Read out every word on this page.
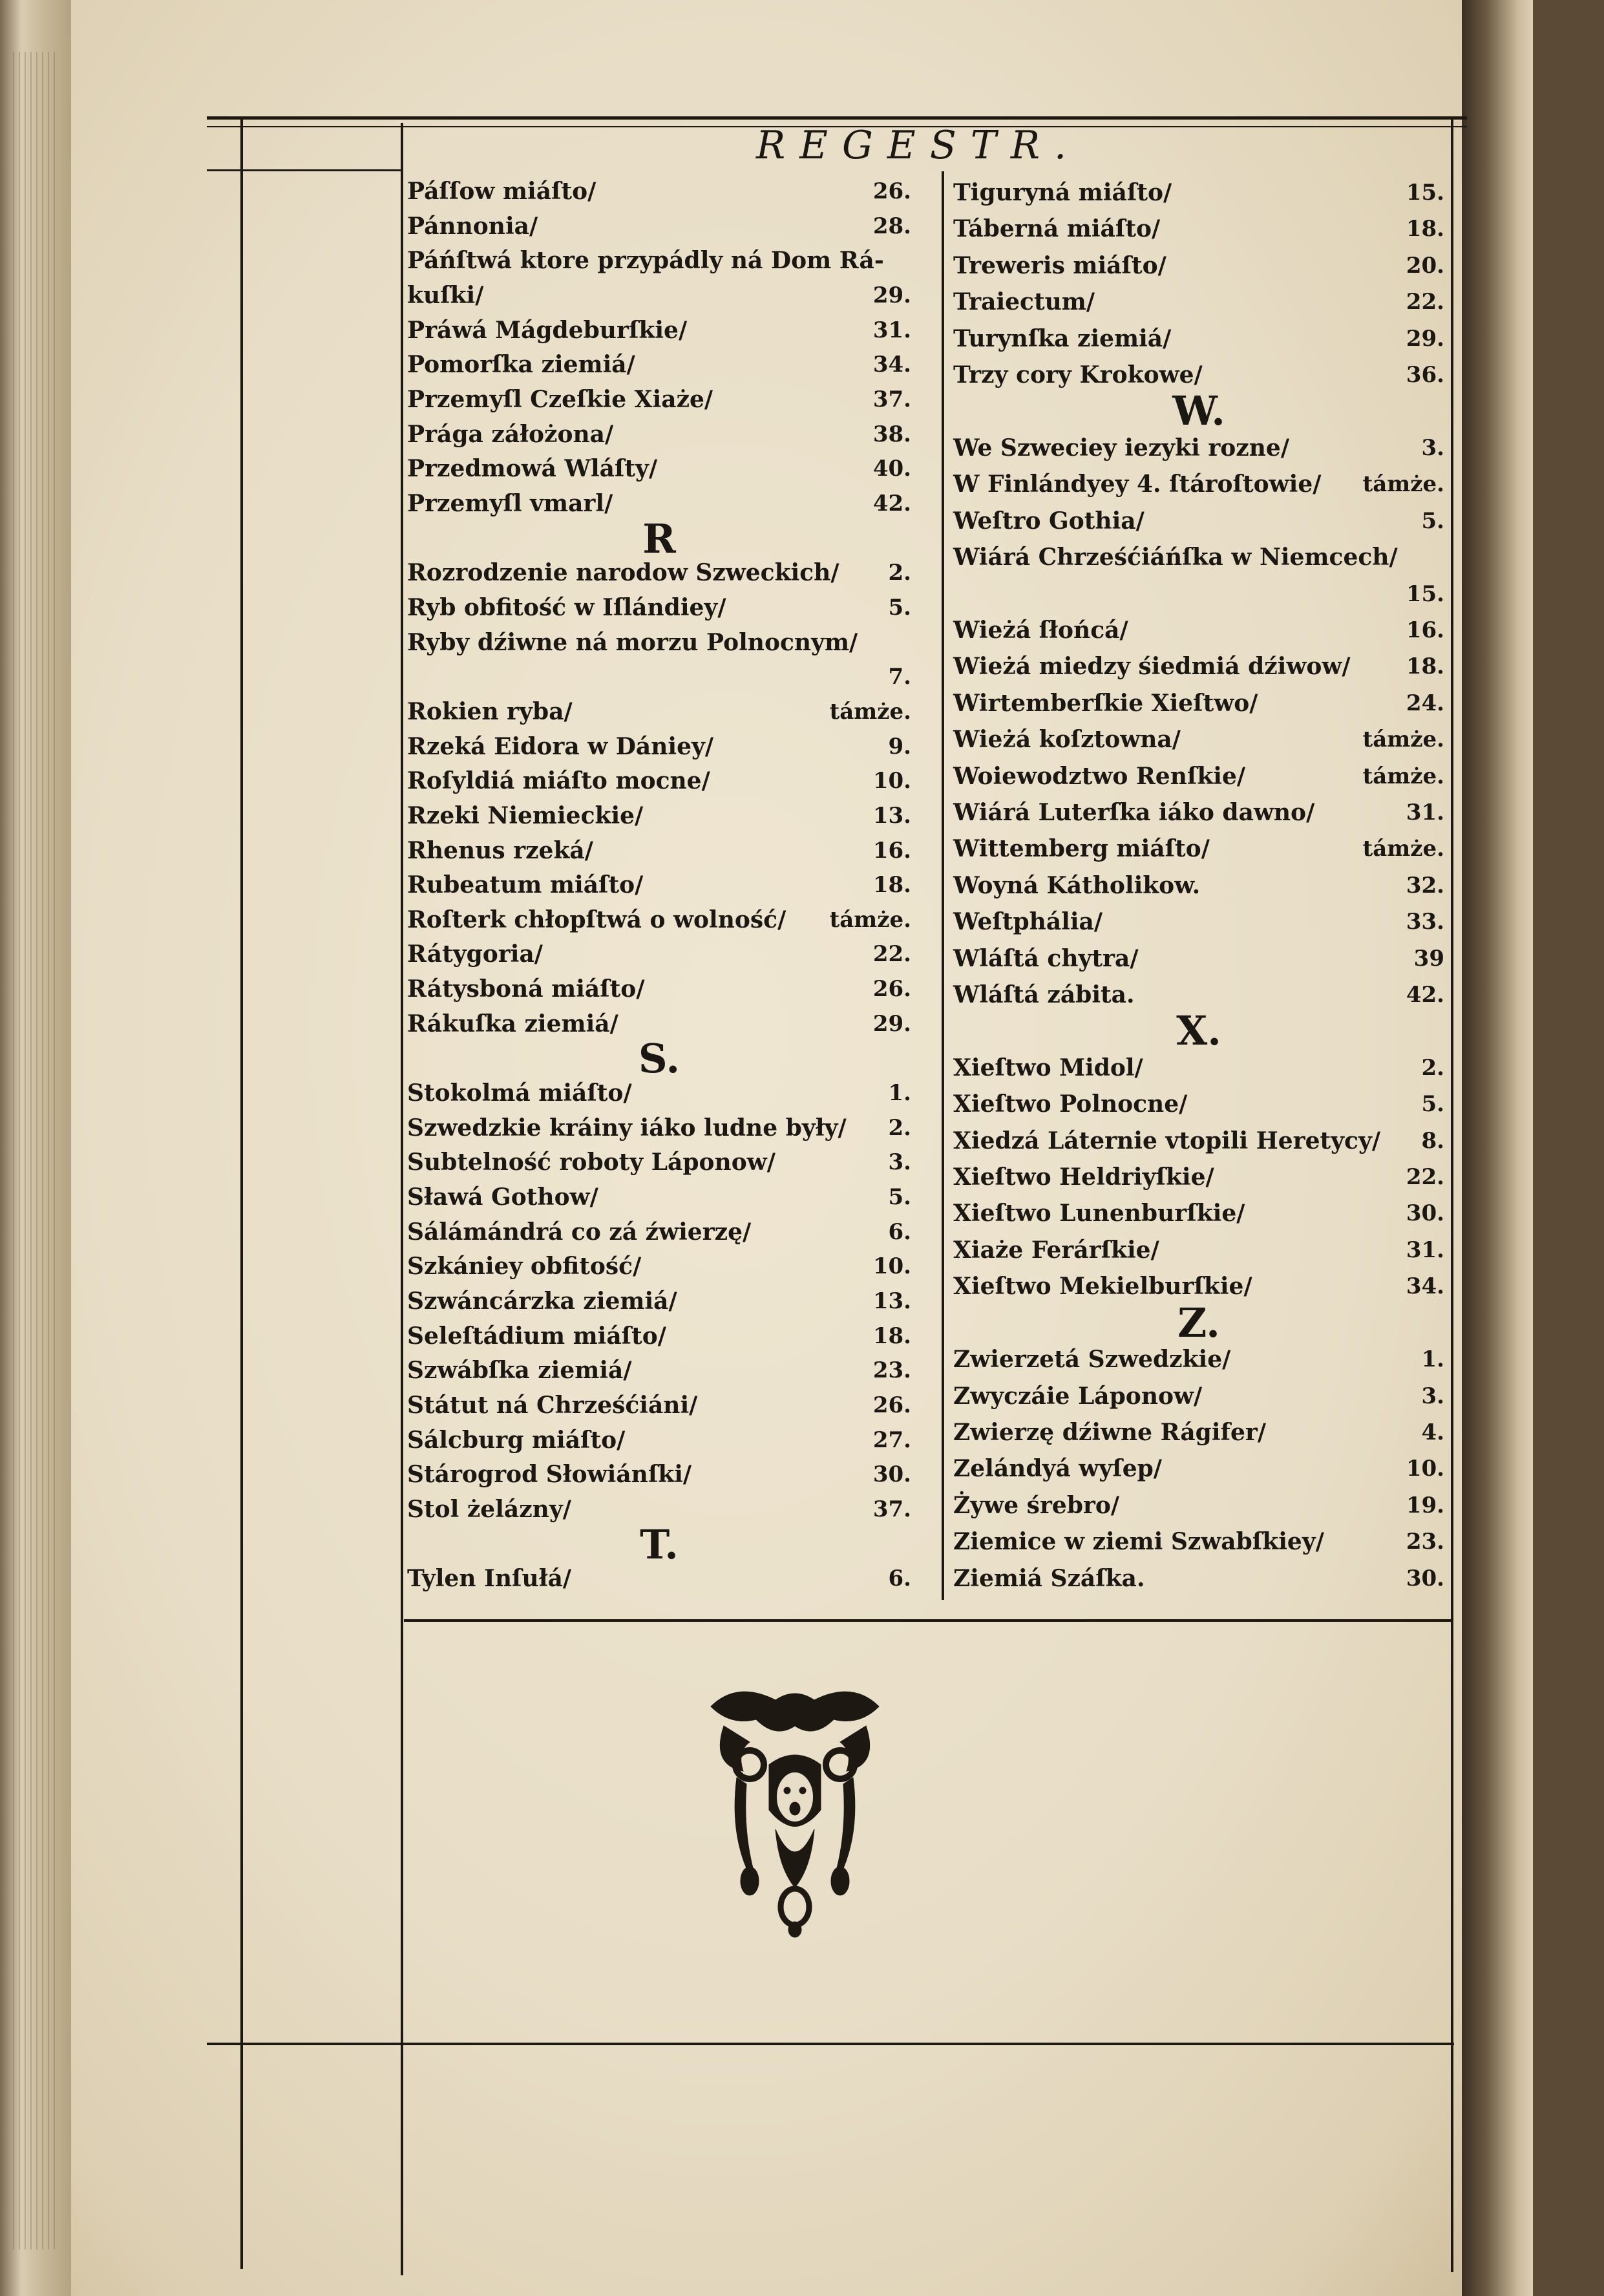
REGESTR.
Páſſow miáſto/	26.
Pánnonia/	28.
Páńſtwá ktore przypádly ná Dom Rá-
kuſki/	29.
Práwá Mágdeburſkie/	31.
Pomorſka ziemiá/	34.
Przemyſl Czeſkie Xiaże/	37.
Prága záłożona/	38.
Przedmowá Wláſty/	40.
Przemyſl vmarl/	42.
R
Rozrodzenie narodow Szweckich/ 2.
Ryb obfitość w Iſlándiey/	5.
Ryby dźiwne ná morzu Polnocnym/
7.
Rokien ryba/	támże.
Rzeká Eidora w Dániey/	9.
Roſyldiá miáſto mocne/	10.
Rzeki Niemieckie/	13.
Rhenus rzeká/	16.
Rubeatum miáſto/	18.
Roſterk chłopſtwá o wolność/ támże.
Rátygoria/	22.
Rátysboná miáſto/	26.
Rákuſka ziemiá/	29.
S.
Stokolmá miáſto/	1.
Szwedzkie kráiny iáko ludne były/ 2.
Subtelność roboty Láponow/	3.
Sławá Gothow/	5.
Sálámándrá co zá źwierzę/	6.
Szkániey obfitość/	10.
Szwáncárzka ziemiá/	13.
Seleſtádium miáſto/	18.
Szwábſka ziemiá/	23.
Státut ná Chrześćiáni/	26.
Sálcburg miáſto/	27.
Stárogrod Słowiánſki/	30.
Stol żelázny/	37.
T.
Tylen Inſułá/	6.
Tiguryná miáſto/	15.
Táberná miáſto/	18.
Treweris miáſto/	20.
Traiectum/	22.
Turynſka ziemiá/	29.
Trzy cory Krokowe/	36.
W.
We Szweciey iezyki rozne/	3.
W Finlándyey 4. ſtároſtowie/ támże.
Weſtro Gothia/	5.
Wiárá Chrześćiáńſka w Niemcech/
15.
Wieżá ſłońcá/	16.
Wieżá miedzy śiedmiá dźiwow/	18.
Wirtemberſkie Xieſtwo/	24.
Wieżá koſztowna/	támże.
Woiewodztwo Renſkie/	támże.
Wiárá Luterſka iáko dawno/	31.
Wittemberg miáſto/	támże.
Woyná Kátholikow.	32.
Weſtphália/	33.
Wláſtá chytra/	39
Wláſtá zábita.	42.
X.
Xieſtwo Midol/	2.
Xieſtwo Polnocne/	5.
Xiedzá Láternie vtopili Heretycy/ 8.
Xieſtwo Heldriyſkie/	22.
Xieſtwo Lunenburſkie/	30.
Xiaże Ferárſkie/	31.
Xieſtwo Mekielburſkie/	34.
Z.
Zwierzetá Szwedzkie/	1.
Zwyczáie Láponow/	3.
Zwierzę dźiwne Rágifer/	4.
Zelándyá wyſep/	10.
Żywe śrebro/	19.
Ziemice w ziemi Szwabſkiey/	23.
Ziemiá Száſka.	30.
